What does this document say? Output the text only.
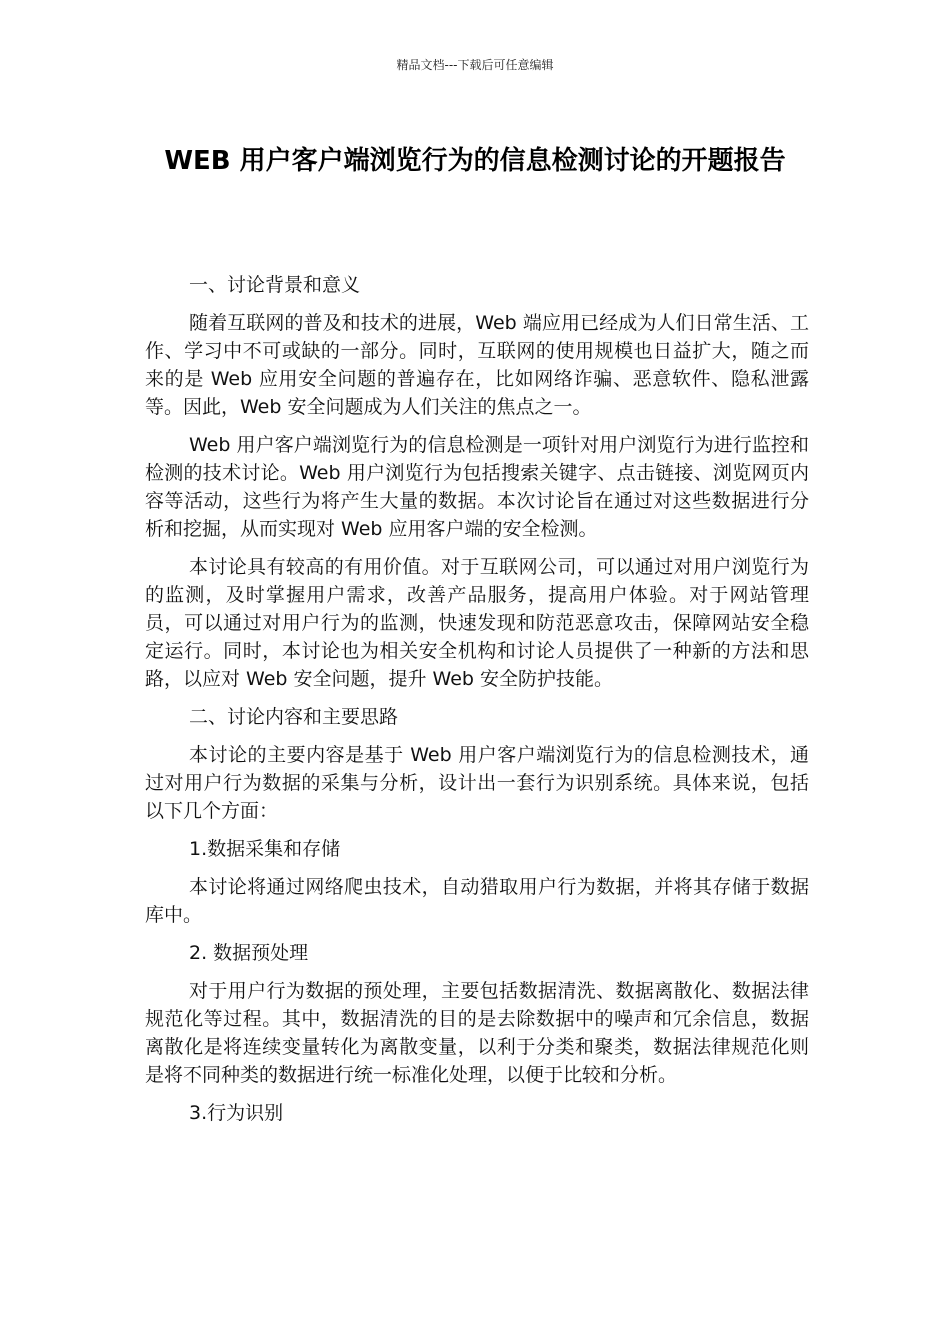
精品文档---下载后可任意编辑
WEB 用户客户端浏览行为的信息检测讨论的开题报告

一、讨论背景和意义

随着互联网的普及和技术的进展，Web 端应用已经成为人们日常生活、工作、学习中不可或缺的一部分。同时，互联网的使用规模也日益扩大，随之而来的是 Web 应用安全问题的普遍存在，比如网络诈骗、恶意软件、隐私泄露等。因此，Web 安全问题成为人们关注的焦点之一。

Web 用户客户端浏览行为的信息检测是一项针对用户浏览行为进行监控和检测的技术讨论。Web 用户浏览行为包括搜索关键字、点击链接、浏览网页内容等活动，这些行为将产生大量的数据。本次讨论旨在通过对这些数据进行分析和挖掘，从而实现对 Web 应用客户端的安全检测。

本讨论具有较高的有用价值。对于互联网公司，可以通过对用户浏览行为的监测，及时掌握用户需求，改善产品服务，提高用户体验。对于网站管理员，可以通过对用户行为的监测，快速发现和防范恶意攻击，保障网站安全稳定运行。同时，本讨论也为相关安全机构和讨论人员提供了一种新的方法和思路，以应对 Web 安全问题，提升 Web 安全防护技能。

二、讨论内容和主要思路

本讨论的主要内容是基于 Web 用户客户端浏览行为的信息检测技术，通过对用户行为数据的采集与分析，设计出一套行为识别系统。具体来说，包括以下几个方面：

1.数据采集和存储

本讨论将通过网络爬虫技术，自动猎取用户行为数据，并将其存储于数据库中。

2. 数据预处理

对于用户行为数据的预处理，主要包括数据清洗、数据离散化、数据法律规范化等过程。其中，数据清洗的目的是去除数据中的噪声和冗余信息，数据离散化是将连续变量转化为离散变量，以利于分类和聚类，数据法律规范化则是将不同种类的数据进行统一标准化处理，以便于比较和分析。

3.行为识别
